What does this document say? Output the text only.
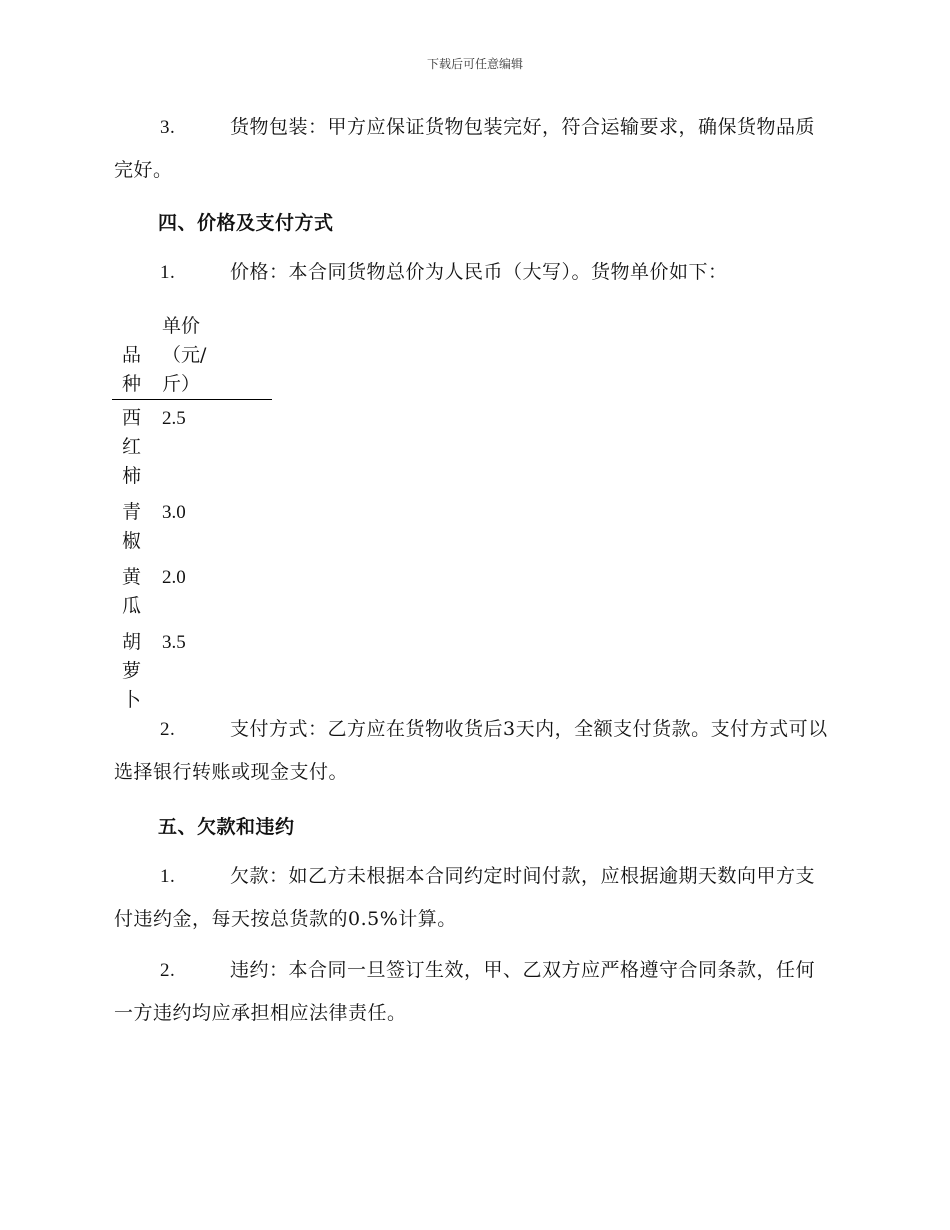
下载后可任意编辑
3.	货物包装：甲方应保证货物包装完好，符合运输要求，确保货物品质完好。
四、价格及支付方式
1.	价格：本合同货物总价为人民币（大写）。货物单价如下：
品种	单价（元/斤）
西红柿	2.5
青椒	3.0
黄瓜	2.0
胡萝卜	3.5
2.	支付方式：乙方应在货物收货后3天内，全额支付货款。支付方式可以选择银行转账或现金支付。
五、欠款和违约
1.	欠款：如乙方未根据本合同约定时间付款，应根据逾期天数向甲方支付违约金，每天按总货款的0.5%计算。
2.	违约：本合同一旦签订生效，甲、乙双方应严格遵守合同条款，任何一方违约均应承担相应法律责任。
